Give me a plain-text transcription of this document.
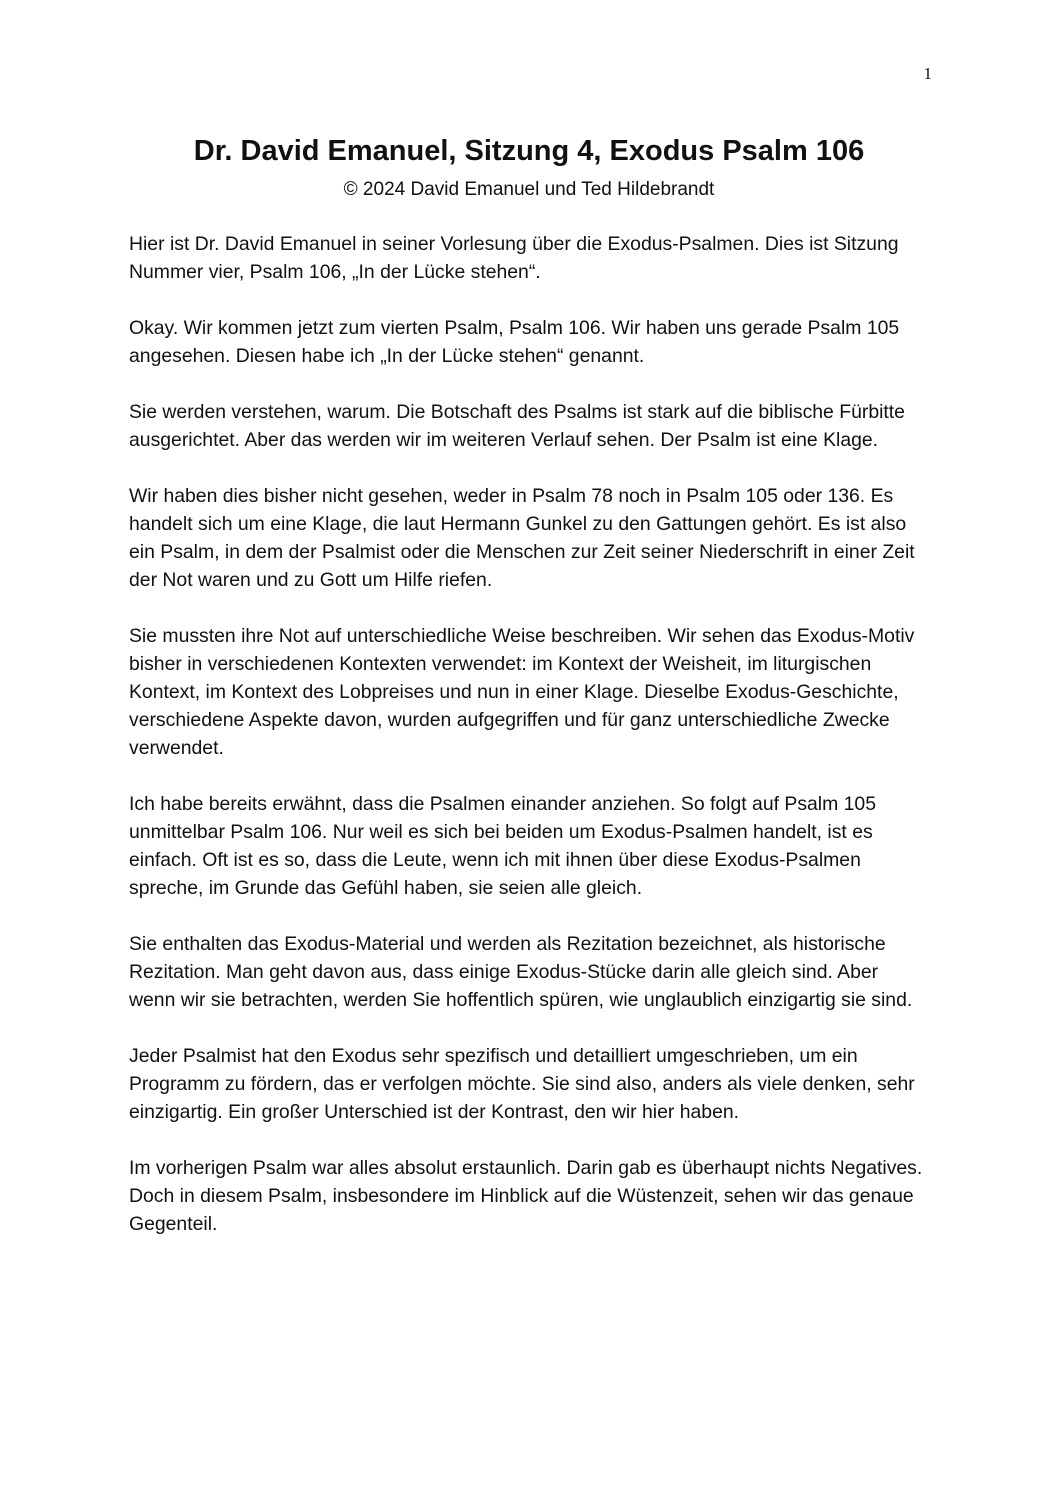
1
Dr. David Emanuel, Sitzung 4, Exodus Psalm 106
© 2024 David Emanuel und Ted Hildebrandt

Hier ist Dr. David Emanuel in seiner Vorlesung über die Exodus-Psalmen. Dies ist Sitzung Nummer vier, Psalm 106, „In der Lücke stehen“.

Okay. Wir kommen jetzt zum vierten Psalm, Psalm 106. Wir haben uns gerade Psalm 105 angesehen. Diesen habe ich „In der Lücke stehen“ genannt.

Sie werden verstehen, warum. Die Botschaft des Psalms ist stark auf die biblische Fürbitte ausgerichtet. Aber das werden wir im weiteren Verlauf sehen. Der Psalm ist eine Klage.

Wir haben dies bisher nicht gesehen, weder in Psalm 78 noch in Psalm 105 oder 136. Es handelt sich um eine Klage, die laut Hermann Gunkel zu den Gattungen gehört. Es ist also ein Psalm, in dem der Psalmist oder die Menschen zur Zeit seiner Niederschrift in einer Zeit der Not waren und zu Gott um Hilfe riefen.

Sie mussten ihre Not auf unterschiedliche Weise beschreiben. Wir sehen das Exodus-Motiv bisher in verschiedenen Kontexten verwendet: im Kontext der Weisheit, im liturgischen Kontext, im Kontext des Lobpreises und nun in einer Klage. Dieselbe Exodus-Geschichte, verschiedene Aspekte davon, wurden aufgegriffen und für ganz unterschiedliche Zwecke verwendet.

Ich habe bereits erwähnt, dass die Psalmen einander anziehen. So folgt auf Psalm 105 unmittelbar Psalm 106. Nur weil es sich bei beiden um Exodus-Psalmen handelt, ist es einfach. Oft ist es so, dass die Leute, wenn ich mit ihnen über diese Exodus-Psalmen spreche, im Grunde das Gefühl haben, sie seien alle gleich.

Sie enthalten das Exodus-Material und werden als Rezitation bezeichnet, als historische Rezitation. Man geht davon aus, dass einige Exodus-Stücke darin alle gleich sind. Aber wenn wir sie betrachten, werden Sie hoffentlich spüren, wie unglaublich einzigartig sie sind.

Jeder Psalmist hat den Exodus sehr spezifisch und detailliert umgeschrieben, um ein Programm zu fördern, das er verfolgen möchte. Sie sind also, anders als viele denken, sehr einzigartig. Ein großer Unterschied ist der Kontrast, den wir hier haben.

Im vorherigen Psalm war alles absolut erstaunlich. Darin gab es überhaupt nichts Negatives. Doch in diesem Psalm, insbesondere im Hinblick auf die Wüstenzeit, sehen wir das genaue Gegenteil.
